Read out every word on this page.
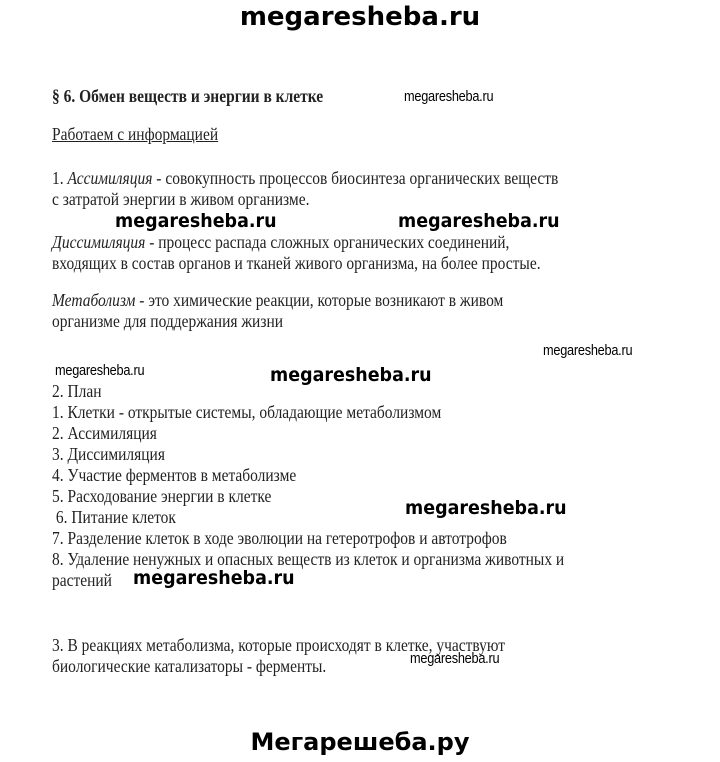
megaresheba.ru
§ 6. Обмен веществ и энергии в клетке	megaresheba.ru
Работаем с информацией
1. Ассимиляция - совокупность процессов биосинтеза органических веществ
с затратой энергии в живом организме.
megaresheba.ru	megaresheba.ru
Диссимиляция - процесс распада сложных органических соединений,
входящих в состав органов и тканей живого организма, на более простые.
Метаболизм - это химические реакции, которые возникают в живом
организме для поддержания жизни
megaresheba.ru
megaresheba.ru	megaresheba.ru
2. План
1. Клетки - открытые системы, обладающие метаболизмом
2. Ассимиляция
3. Диссимиляция
4. Участие ферментов в метаболизме
5. Расходование энергии в клетке
6. Питание клеток
7. Разделение клеток в ходе эволюции на гетеротрофов и автотрофов
8. Удаление ненужных и опасных веществ из клеток и организма животных и
растений
megaresheba.ru
megaresheba.ru
3. В реакциях метаболизма, которые происходят в клетке, участвуют
биологические катализаторы - ферменты.	megaresheba.ru
Мегарешеба.ру
